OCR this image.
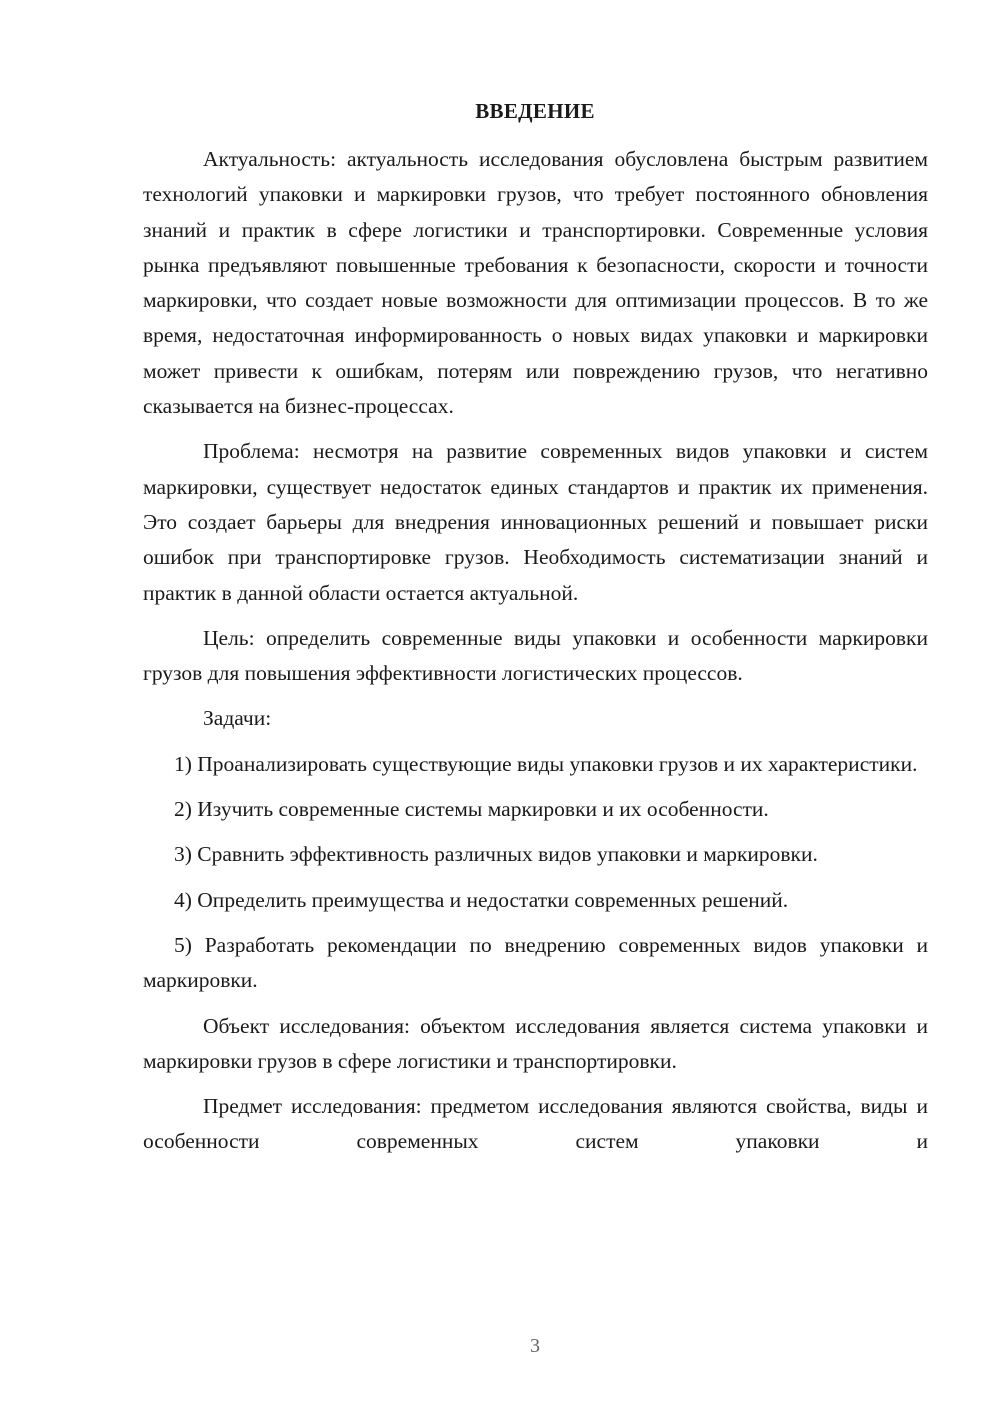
ВВЕДЕНИЕ

Актуальность: актуальность исследования обусловлена быстрым развитием технологий упаковки и маркировки грузов, что требует постоянного обновления знаний и практик в сфере логистики и транспортировки. Современные условия рынка предъявляют повышенные требования к безопасности, скорости и точности маркировки, что создает новые возможности для оптимизации процессов. В то же время, недостаточная информированность о новых видах упаковки и маркировки может привести к ошибкам, потерям или повреждению грузов, что негативно сказывается на бизнес-процессах.

Проблема: несмотря на развитие современных видов упаковки и систем маркировки, существует недостаток единых стандартов и практик их применения. Это создает барьеры для внедрения инновационных решений и повышает риски ошибок при транспортировке грузов. Необходимость систематизации знаний и практик в данной области остается актуальной.

Цель: определить современные виды упаковки и особенности маркировки грузов для повышения эффективности логистических процессов.

Задачи:

1) Проанализировать существующие виды упаковки грузов и их характеристики.

2) Изучить современные системы маркировки и их особенности.

3) Сравнить эффективность различных видов упаковки и маркировки.

4) Определить преимущества и недостатки современных решений.

5) Разработать рекомендации по внедрению современных видов упаковки и маркировки.

Объект исследования: объектом исследования является система упаковки и маркировки грузов в сфере логистики и транспортировки.

Предмет исследования: предметом исследования являются свойства, виды и особенности современных систем упаковки и

3
